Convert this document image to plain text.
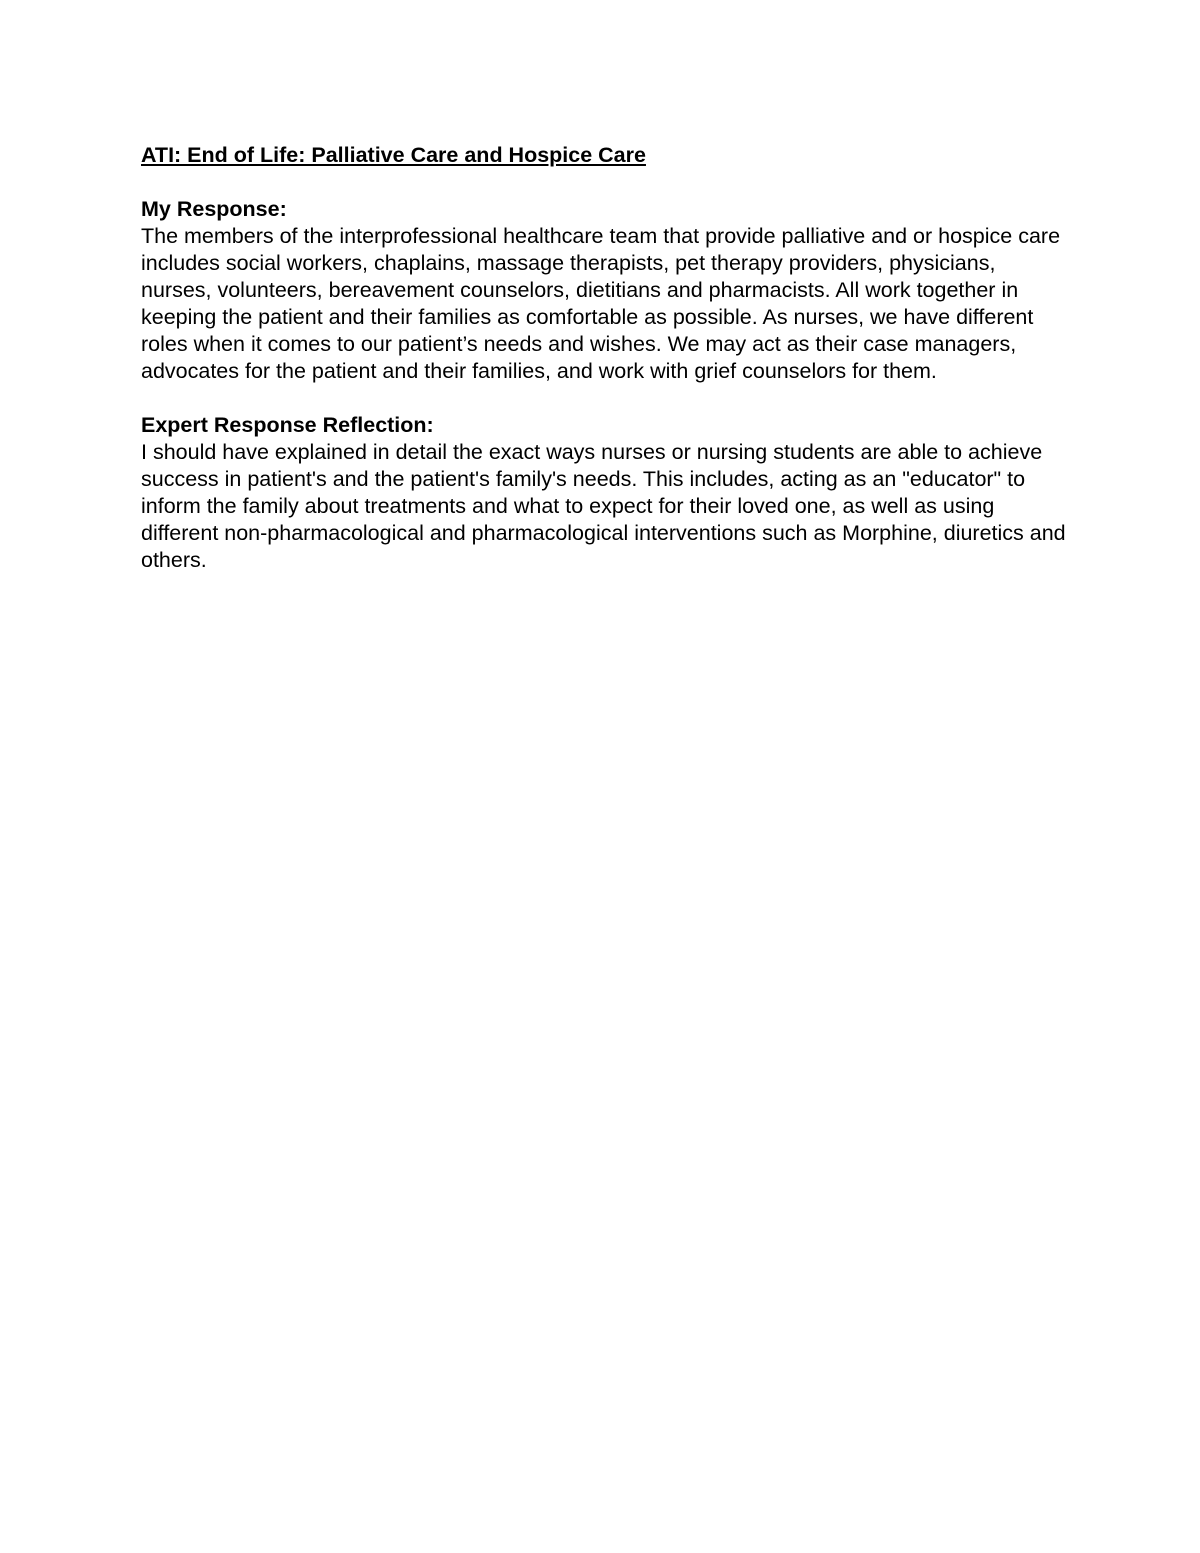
ATI: End of Life: Palliative Care and Hospice Care
My Response:

The members of the interprofessional healthcare team that provide palliative and or hospice care includes social workers, chaplains, massage therapists, pet therapy providers, physicians, nurses, volunteers, bereavement counselors, dietitians and pharmacists. All work together in keeping the patient and their families as comfortable as possible. As nurses, we have different roles when it comes to our patient’s needs and wishes. We may act as their case managers, advocates for the patient and their families, and work with grief counselors for them.

Expert Response Reflection:

I should have explained in detail the exact ways nurses or nursing students are able to achieve success in patient's and the patient's family's needs. This includes, acting as an "educator" to inform the family about treatments and what to expect for their loved one, as well as using different non-pharmacological and pharmacological interventions such as Morphine, diuretics and others.
